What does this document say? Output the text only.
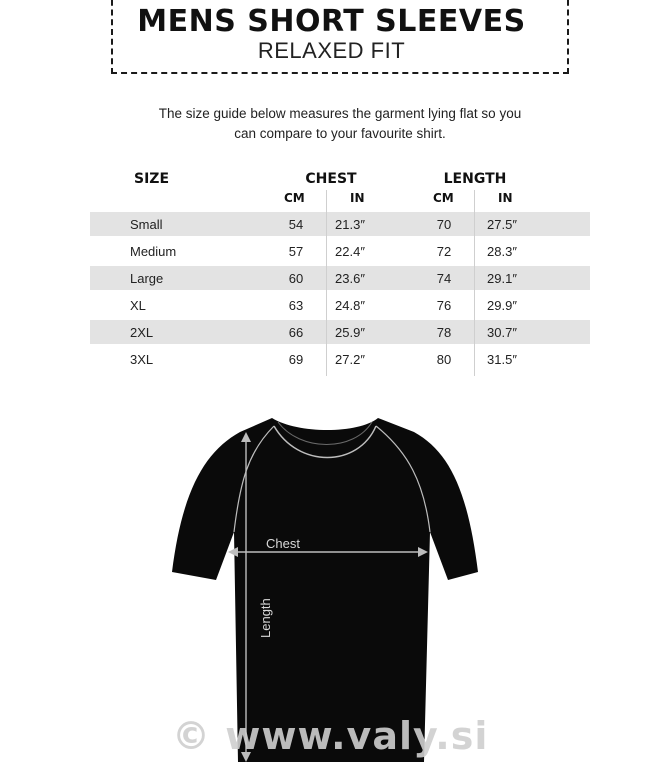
MENS SHORT SLEEVES
RELAXED FIT
The size guide below measures the garment lying flat so you
can compare to your favourite shirt.
SIZE	CHEST	LENGTH
CM	IN	CM	IN
Small	54	21.3″	70	27.5″
Medium	57	22.4″	72	28.3″
Large	60	23.6″	74	29.1″
XL	63	24.8″	76	29.9″
2XL	66	25.9″	78	30.7″
3XL	69	27.2″	80	31.5″
Chest
Length
© www.valy.si
